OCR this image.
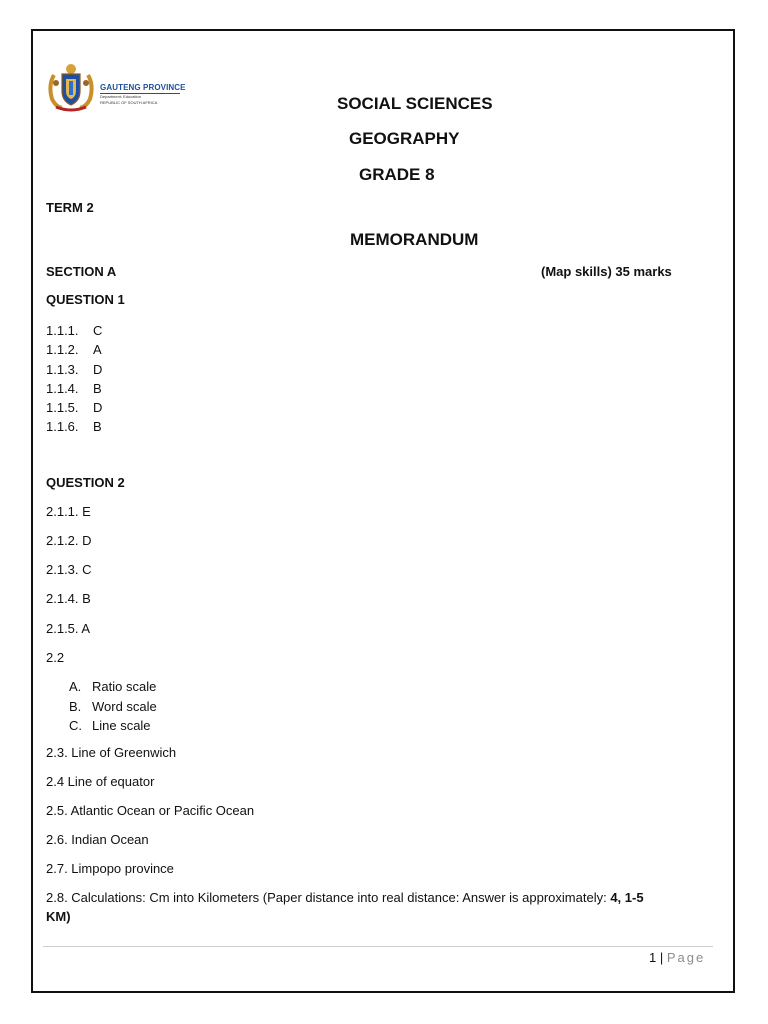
GAUTENG PROVINCE
Department: Education
REPUBLIC OF SOUTH AFRICA	SOCIAL SCIENCES
GEOGRAPHY
GRADE 8
TERM 2
MEMORANDUM
SECTION A	(Map skills) 35 marks
QUESTION 1
1.1.1.	C
1.1.2.	A
1.1.3.	D
1.1.4.	B
1.1.5.	D
1.1.6.	B
QUESTION 2
2.1.1. E
2.1.2. D
2.1.3. C
2.1.4. B
2.1.5. A
2.2
A. Ratio scale
B. Word scale
C. Line scale
2.3. Line of Greenwich
2.4 Line of equator
2.5. Atlantic Ocean or Pacific Ocean
2.6. Indian Ocean
2.7. Limpopo province
2.8. Calculations: Cm into Kilometers (Paper distance into real distance: Answer is approximately: 4, 1-5
KM)
1 | Page
